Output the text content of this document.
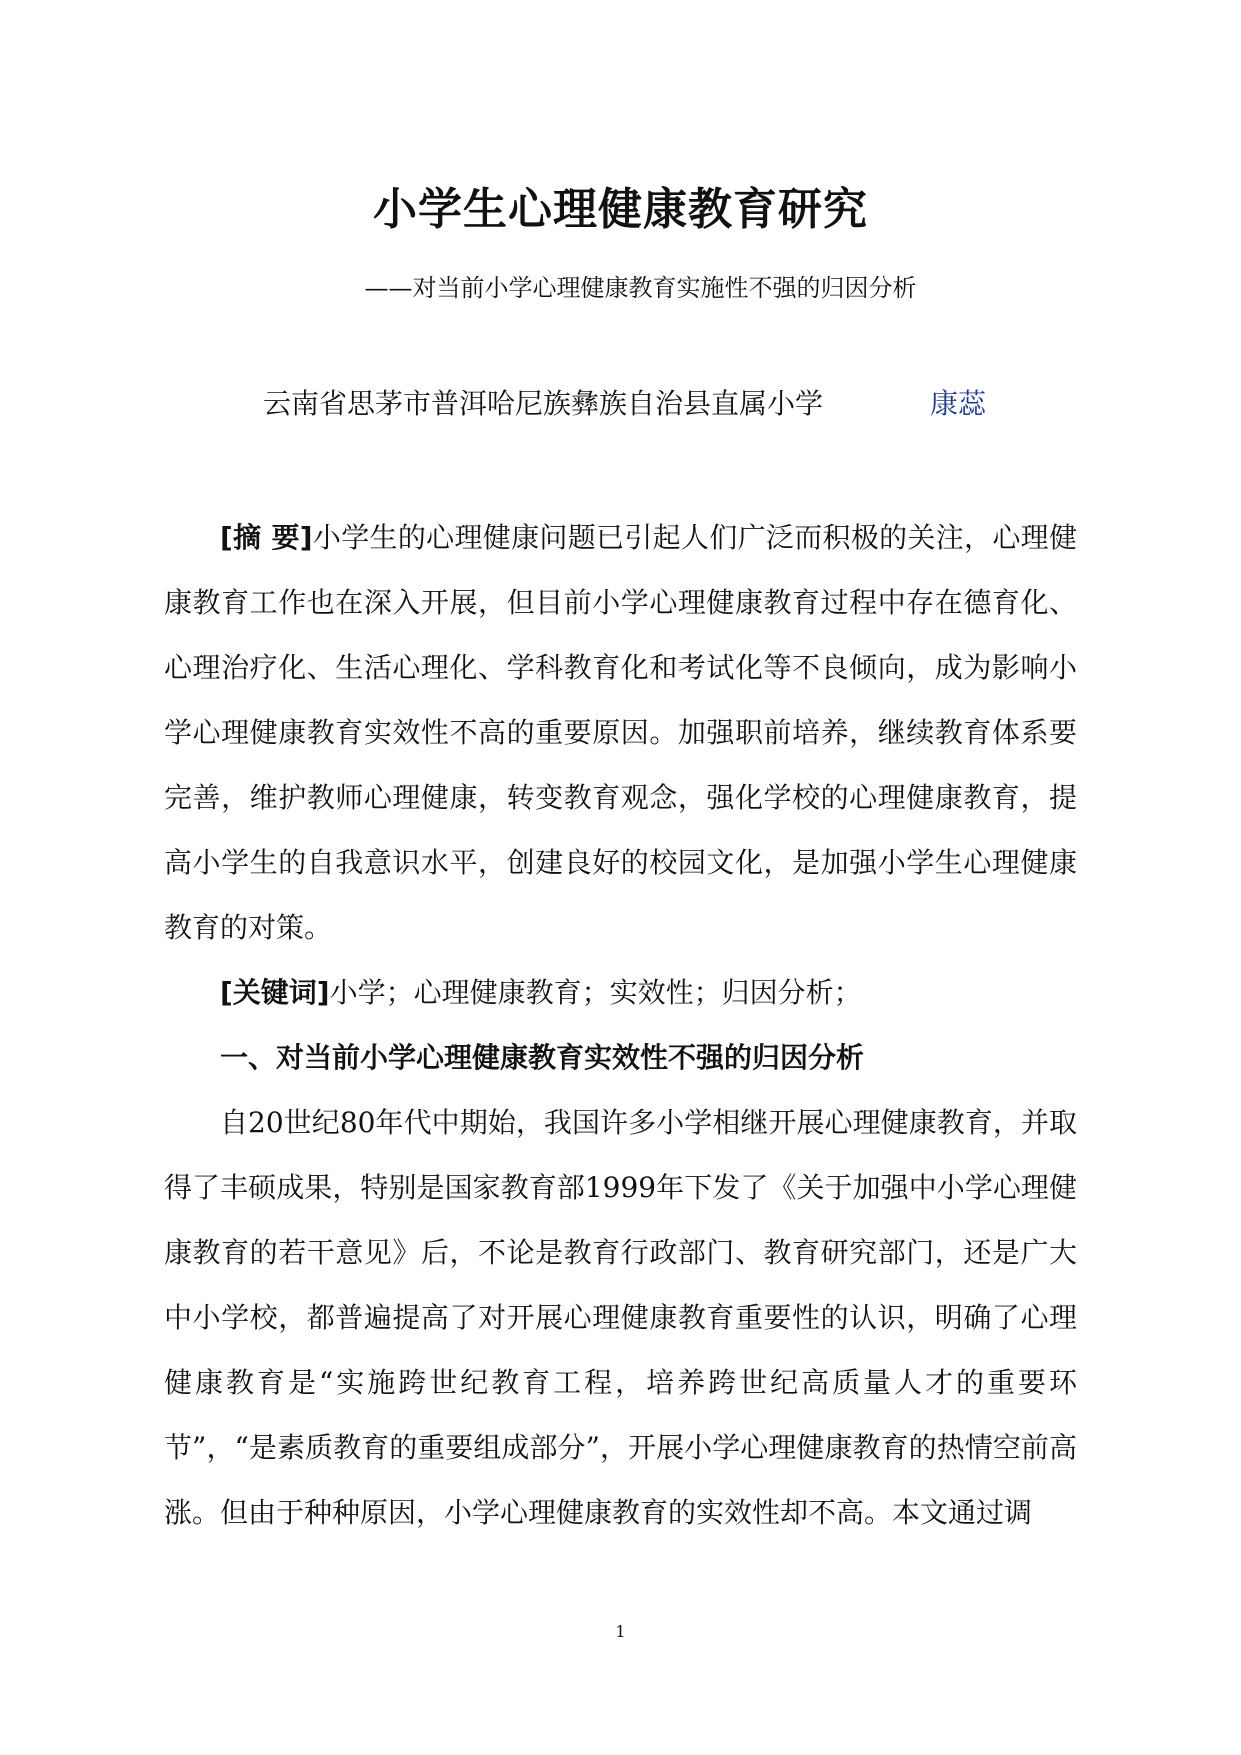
小学生心理健康教育研究

——对当前小学心理健康教育实施性不强的归因分析

云南省思茅市普洱哈尼族彝族自治县直属小学	康蕊

[摘 要]小学生的心理健康问题已引起人们广泛而积极的关注，心理健康教育工作也在深入开展，但目前小学心理健康教育过程中存在德育化、心理治疗化、生活心理化、学科教育化和考试化等不良倾向，成为影响小学心理健康教育实效性不高的重要原因。加强职前培养，继续教育体系要完善，维护教师心理健康，转变教育观念，强化学校的心理健康教育，提高小学生的自我意识水平，创建良好的校园文化，是加强小学生心理健康教育的对策。

[关键词]小学；心理健康教育；实效性；归因分析；

一、对当前小学心理健康教育实效性不强的归因分析

自20世纪80年代中期始，我国许多小学相继开展心理健康教育，并取得了丰硕成果，特别是国家教育部1999年下发了《关于加强中小学心理健康教育的若干意见》后，不论是教育行政部门、教育研究部门，还是广大中小学校，都普遍提高了对开展心理健康教育重要性的认识，明确了心理健康教育是“实施跨世纪教育工程，培养跨世纪高质量人才的重要环节”，“是素质教育的重要组成部分”，开展小学心理健康教育的热情空前高涨。但由于种种原因，小学心理健康教育的实效性却不高。本文通过调

1
